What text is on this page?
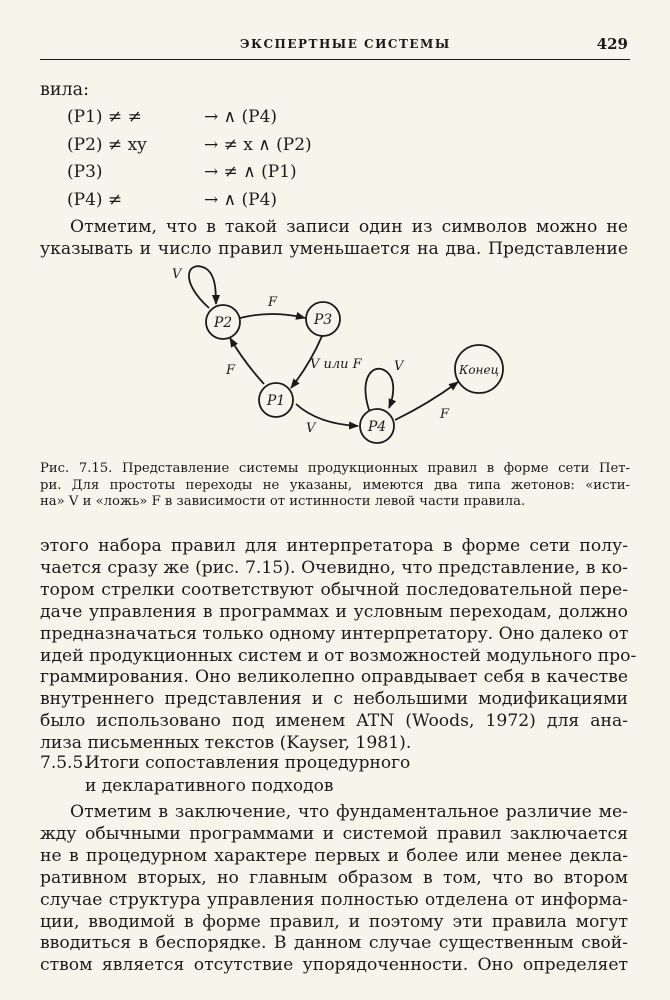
ЭКСПЕРТНЫЕ СИСТЕМЫ	429
вила:
(P1) ≠ ≠	→ ∧ (P4)
(P2) ≠ xy	→ ≠ x ∧ (P2)
(P3)	→ ≠ ∧ (P1)
(P4) ≠	→ ∧ (P4)
Отметим, что в такой записи один из символов можно не
указывать и число правил уменьшается на два. Представление
P2	P3
P1
P4
Конец
V
F
V или F
F
V
V
F
Рис. 7.15. Представление системы продукционных правил в форме сети Пет-
ри. Для простоты переходы не указаны, имеются два типа жетонов: «исти-
на» V и «ложь» F в зависимости от истинности левой части правила.
этого набора правил для интерпретатора в форме сети полу-
чается сразу же (рис. 7.15). Очевидно, что представление, в ко-
тором стрелки соответствуют обычной последовательной пере-
даче управления в программах и условным переходам, должно
предназначаться только одному интерпретатору. Оно далеко от
идей продукционных систем и от возможностей модульного про-
граммирования. Оно великолепно оправдывает себя в качестве
внутреннего представления и с небольшими модификациями
было использовано под именем ATN (Woods, 1972) для ана-
лиза письменных текстов (Kayser, 1981).
7.5.5.Итоги сопоставления процедурного
и декларативного подходов
Отметим в заключение, что фундаментальное различие ме-
жду обычными программами и системой правил заключается
не в процедурном характере первых и более или менее декла-
ративном вторых, но главным образом в том, что во втором
случае структура управления полностью отделена от информа-
ции, вводимой в форме правил, и поэтому эти правила могут
вводиться в беспорядке. В данном случае существенным свой-
ством является отсутствие упорядоченности. Оно определяет
